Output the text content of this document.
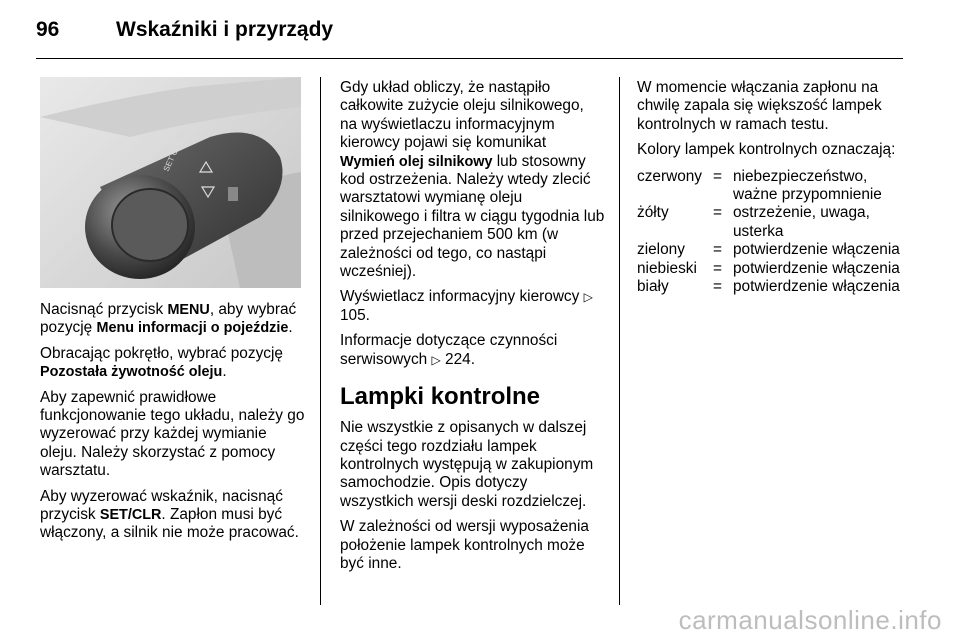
96	Wskaźniki i przyrządy
SET CLR

Nacisnąć przycisk MENU, aby wybrać pozycję Menu informacji o pojeździe.

Obracając pokrętło, wybrać pozycję Pozostała żywotność oleju.

Aby zapewnić prawidłowe funkcjonowanie tego układu, należy go wyzerować przy każdej wymianie oleju. Należy skorzystać z pomocy warsztatu.

Aby wyzerować wskaźnik, nacisnąć przycisk SET/CLR. Zapłon musi być włączony, a silnik nie może pracować.

Gdy układ obliczy, że nastąpiło całkowite zużycie oleju silnikowego, na wyświetlaczu informacyjnym kierowcy pojawi się komunikat Wymień olej silnikowy lub stosowny kod ostrzeżenia. Należy wtedy zlecić warsztatowi wymianę oleju silnikowego i filtra w ciągu tygodnia lub przed przejechaniem 500 km (w zależności od tego, co nastąpi wcześniej).

Wyświetlacz informacyjny kierowcy ▷ 105.

Informacje dotyczące czynności serwisowych ▷ 224.

Lampki kontrolne

Nie wszystkie z opisanych w dalszej części tego rozdziału lampek kontrolnych występują w zakupionym samochodzie. Opis dotyczy wszystkich wersji deski rozdzielczej.

W zależności od wersji wyposażenia położenie lampek kontrolnych może być inne.

W momencie włączania zapłonu na chwilę zapala się większość lampek kontrolnych w ramach testu.

Kolory lampek kontrolnych oznaczają:

czerwony = niebezpieczeństwo, ważne przypomnienie
żółty	= ostrzeżenie, uwaga, usterka
zielony	= potwierdzenie włączenia
niebieski	= potwierdzenie włączenia
biały	= potwierdzenie włączenia
carmanualsonline.info
